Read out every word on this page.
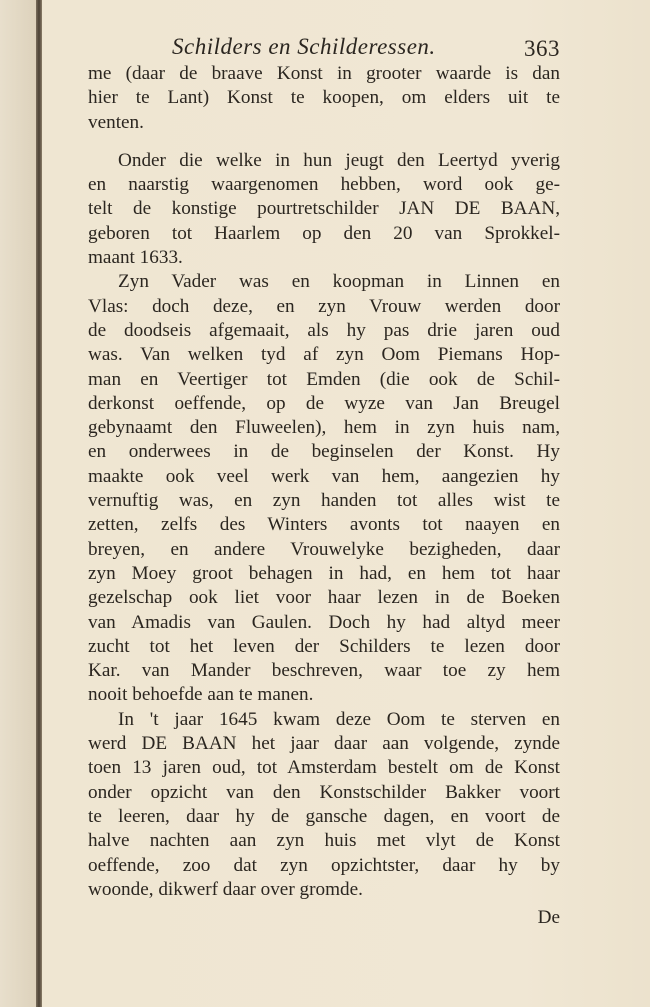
Schilders en Schilderessen.	363
me (daar de braave Konst in grooter waarde is dan
hier te Lant) Konst te koopen, om elders uit te
venten.
Onder die welke in hun jeugt den Leertyd yverig
en naarstig waargenomen hebben, word ook ge-
telt de konstige pourtretschilder JAN DE BAAN,
geboren tot Haarlem op den 20 van Sprokkel-
maant 1633.
Zyn Vader was en koopman in Linnen en
Vlas: doch deze, en zyn Vrouw werden door
de doodseis afgemaait, als hy pas drie jaren oud
was. Van welken tyd af zyn Oom Piemans Hop-
man en Veertiger tot Emden (die ook de Schil-
derkonst oeffende, op de wyze van Jan Breugel
gebynaamt den Fluweelen), hem in zyn huis nam,
en onderwees in de beginselen der Konst. Hy
maakte ook veel werk van hem, aangezien hy
vernuftig was, en zyn handen tot alles wist te
zetten, zelfs des Winters avonts tot naayen en
breyen, en andere Vrouwelyke bezigheden, daar
zyn Moey groot behagen in had, en hem tot haar
gezelschap ook liet voor haar lezen in de Boeken
van Amadis van Gaulen. Doch hy had altyd meer
zucht tot het leven der Schilders te lezen door
Kar. van Mander beschreven, waar toe zy hem
nooit behoefde aan te manen.
In 't jaar 1645 kwam deze Oom te sterven en
werd DE BAAN het jaar daar aan volgende, zynde
toen 13 jaren oud, tot Amsterdam bestelt om de Konst
onder opzicht van den Konstschilder Bakker voort
te leeren, daar hy de gansche dagen, en voort de
halve nachten aan zyn huis met vlyt de Konst
oeffende, zoo dat zyn opzichtster, daar hy by
woonde, dikwerf daar over gromde.
De
